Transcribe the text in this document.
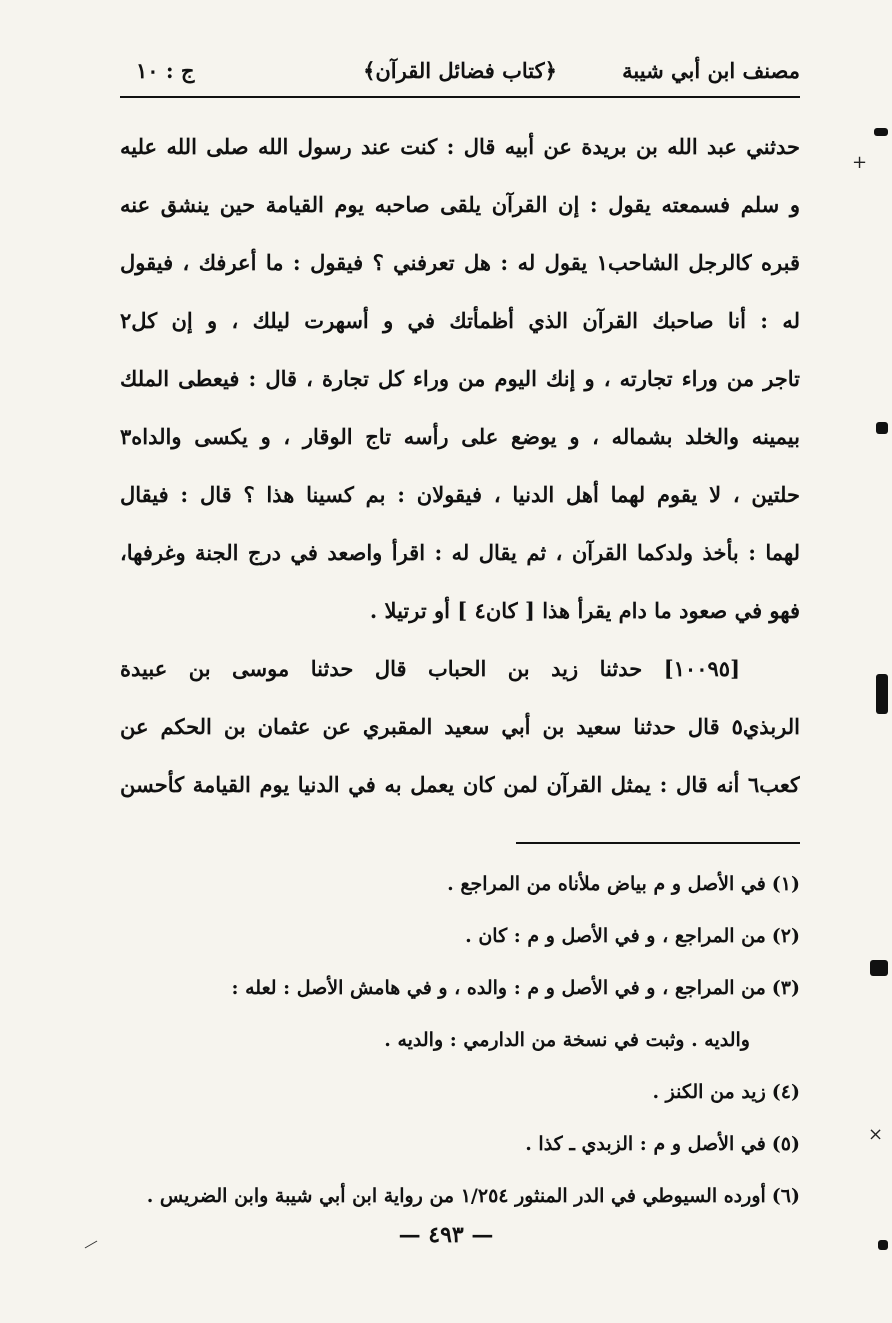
مصنف ابن أبي شيبة
﴿كتاب فضائل القرآن﴾
ج : ١٠
حدثني عبد الله بن بريدة عن أبيه قال : كنت عند رسول الله صلى الله عليه
و سلم فسمعته يقول : إن القرآن يلقى صاحبه يوم القيامة حين ينشق عنه
قبره كالرجل الشاحب١ يقول له : هل تعرفني ؟ فيقول : ما أعرفك ، فيقول
له : أنا صاحبك القرآن الذي أظمأتك في و أسهرت ليلك ، و إن كل٢
تاجر من وراء تجارته ، و إنك اليوم من وراء كل تجارة ، قال : فيعطى الملك
بيمينه والخلد بشماله ، و يوضع على رأسه تاج الوقار ، و يكسى والداه٣
حلتين ، لا يقوم لهما أهل الدنيا ، فيقولان : بم كسينا هذا ؟ قال : فيقال
لهما : بأخذ ولدكما القرآن ، ثم يقال له : اقرأ واصعد في درج الجنة وغرفها،
فهو في صعود ما دام يقرأ هذا [ كان٤ ] أو ترتيلا .
[١٠٠٩٥] حدثنا زيد بن الحباب قال حدثنا موسى بن عبيدة
الربذي٥ قال حدثنا سعيد بن أبي سعيد المقبري عن عثمان بن الحكم عن
كعب٦ أنه قال : يمثل القرآن لمن كان يعمل به في الدنيا يوم القيامة كأحسن
(١)في الأصل و م بياض ملأناه من المراجع .
(٢)من المراجع ، و في الأصل و م : كان .
(٣)من المراجع ، و في الأصل و م : والده ، و في هامش الأصل : لعله :
والديه . وثبت في نسخة من الدارمي : والديه .
(٤)زيد من الكنز .
(٥)في الأصل و م : الزبدي ـ كذا .
(٦)أورده السيوطي في الدر المنثور ١/٢٥٤ من رواية ابن أبي شيبة وابن الضريس .
— ٤٩٣ —
+
×
